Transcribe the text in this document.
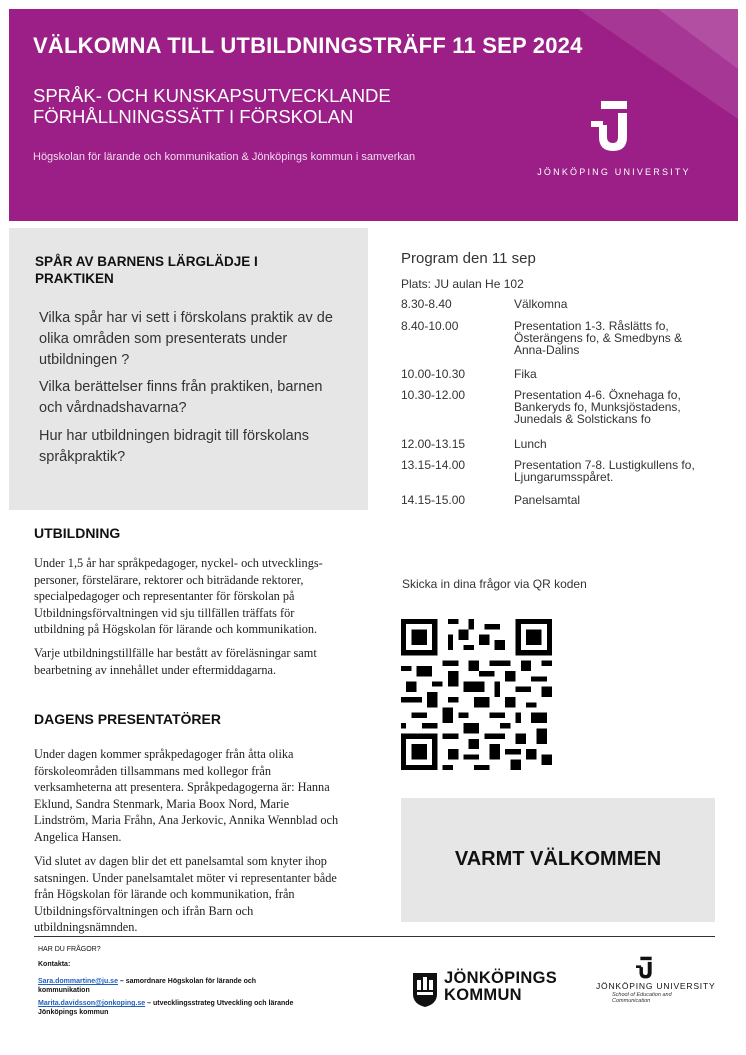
VÄLKOMNA TILL UTBILDNINGSTRÄFF 11 SEP 2024
SPRÅK- OCH KUNSKAPSUTVECKLANDE
FÖRHÅLLNINGSSÄTT I FÖRSKOLAN
Högskolan för lärande och kommunikation & Jönköpings kommun i samverkan
JÖNKÖPING UNIVERSITY
SPÅR AV BARNENS LÄRGLÄDJE I PRAKTIKEN
Vilka spår har vi sett i förskolans praktik av de olika områden som presenterats under utbildningen ?
Vilka berättelser finns från praktiken, barnen och vårdnadshavarna?
Hur har utbildningen bidragit till förskolans språkpraktik?
Program den 11 sep
Plats: JU aulan He 102
8.30-8.40	Välkomna
8.40-10.00	Presentation 1-3. Råslätts fo, Österängens fo, & Smedbyns & Anna-Dalins
10.00-10.30	Fika
10.30-12.00	Presentation 4-6. Öxnehaga fo, Bankeryds fo, Munksjöstadens, Junedals & Solstickans fo
12.00-13.15	Lunch
13.15-14.00	Presentation 7-8. Lustigkullens fo, Ljungarumsspåret.
14.15-15.00	Panelsamtal
UTBILDNING
Under 1,5 år har språkpedagoger, nyckel- och utvecklings-personer, förstelärare, rektorer och biträdande rektorer, specialpedagoger och representanter för förskolan på Utbildningsförvaltningen vid sju tillfällen träffats för utbildning på Högskolan för lärande och kommunikation.
Varje utbildningstillfälle har bestått av föreläsningar samt bearbetning av innehållet under eftermiddagarna.
DAGENS PRESENTATÖRER
Under dagen kommer språkpedagoger från åtta olika förskoleområden tillsammans med kollegor från verksamheterna att presentera. Språkpedagogerna är: Hanna Eklund, Sandra Stenmark, Maria Boox Nord, Marie Lindström, Maria Fråhn, Ana Jerkovic, Annika Wennblad och Angelica Hansen.
Vid slutet av dagen blir det ett panelsamtal som knyter ihop satsningen. Under panelsamtalet möter vi representanter både från Högskolan för lärande och kommunikation, från Utbildningsförvaltningen och ifrån Barn och utbildningsnämnden.
Skicka in dina frågor via QR koden
VARMT VÄLKOMMEN
HAR DU FRÅGOR?
Kontakta:
Sara.dommartine@ju.se – samordnare Högskolan för lärande och kommunikation
Marita.davidsson@jonkoping.se – utvecklingsstrateg Utveckling och lärande Jönköpings kommun
JÖNKÖPINGS
KOMMUN	JÖNKÖPING UNIVERSITY
School of Education and Communication
